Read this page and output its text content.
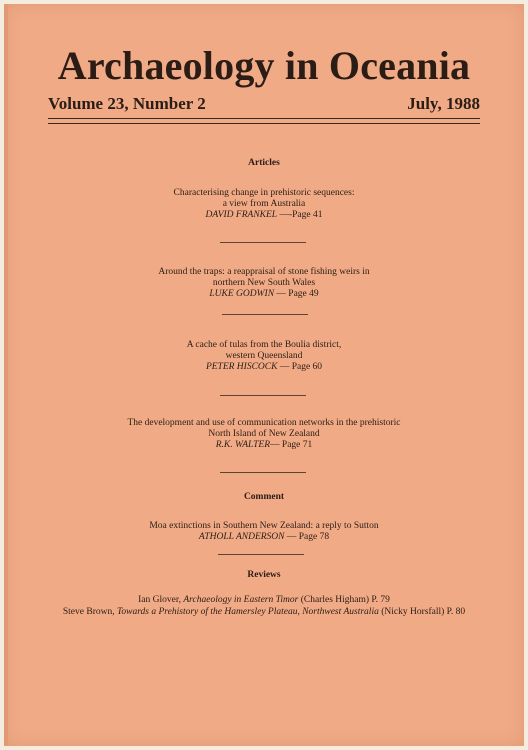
Archaeology in Oceania
Volume 23, Number 2	July, 1988
Articles
Characterising change in prehistoric sequences:
a view from Australia
DAVID FRANKEL —-Page 41
Around the traps: a reappraisal of stone fishing weirs in
northern New South Wales
LUKE GODWIN — Page 49
A cache of tulas from the Boulia district,
western Queensland
PETER HISCOCK — Page 60
The development and use of communication networks in the prehistoric
North Island of New Zealand
R.K. WALTER— Page 71
Comment
Moa extinctions in Southern New Zealand: a reply to Sutton
ATHOLL ANDERSON — Page 78
Reviews
Ian Glover, Archaeology in Eastern Timor (Charles Higham) P. 79
Steve Brown, Towards a Prehistory of the Hamersley Plateau, Northwest Australia (Nicky Horsfall) P. 80
